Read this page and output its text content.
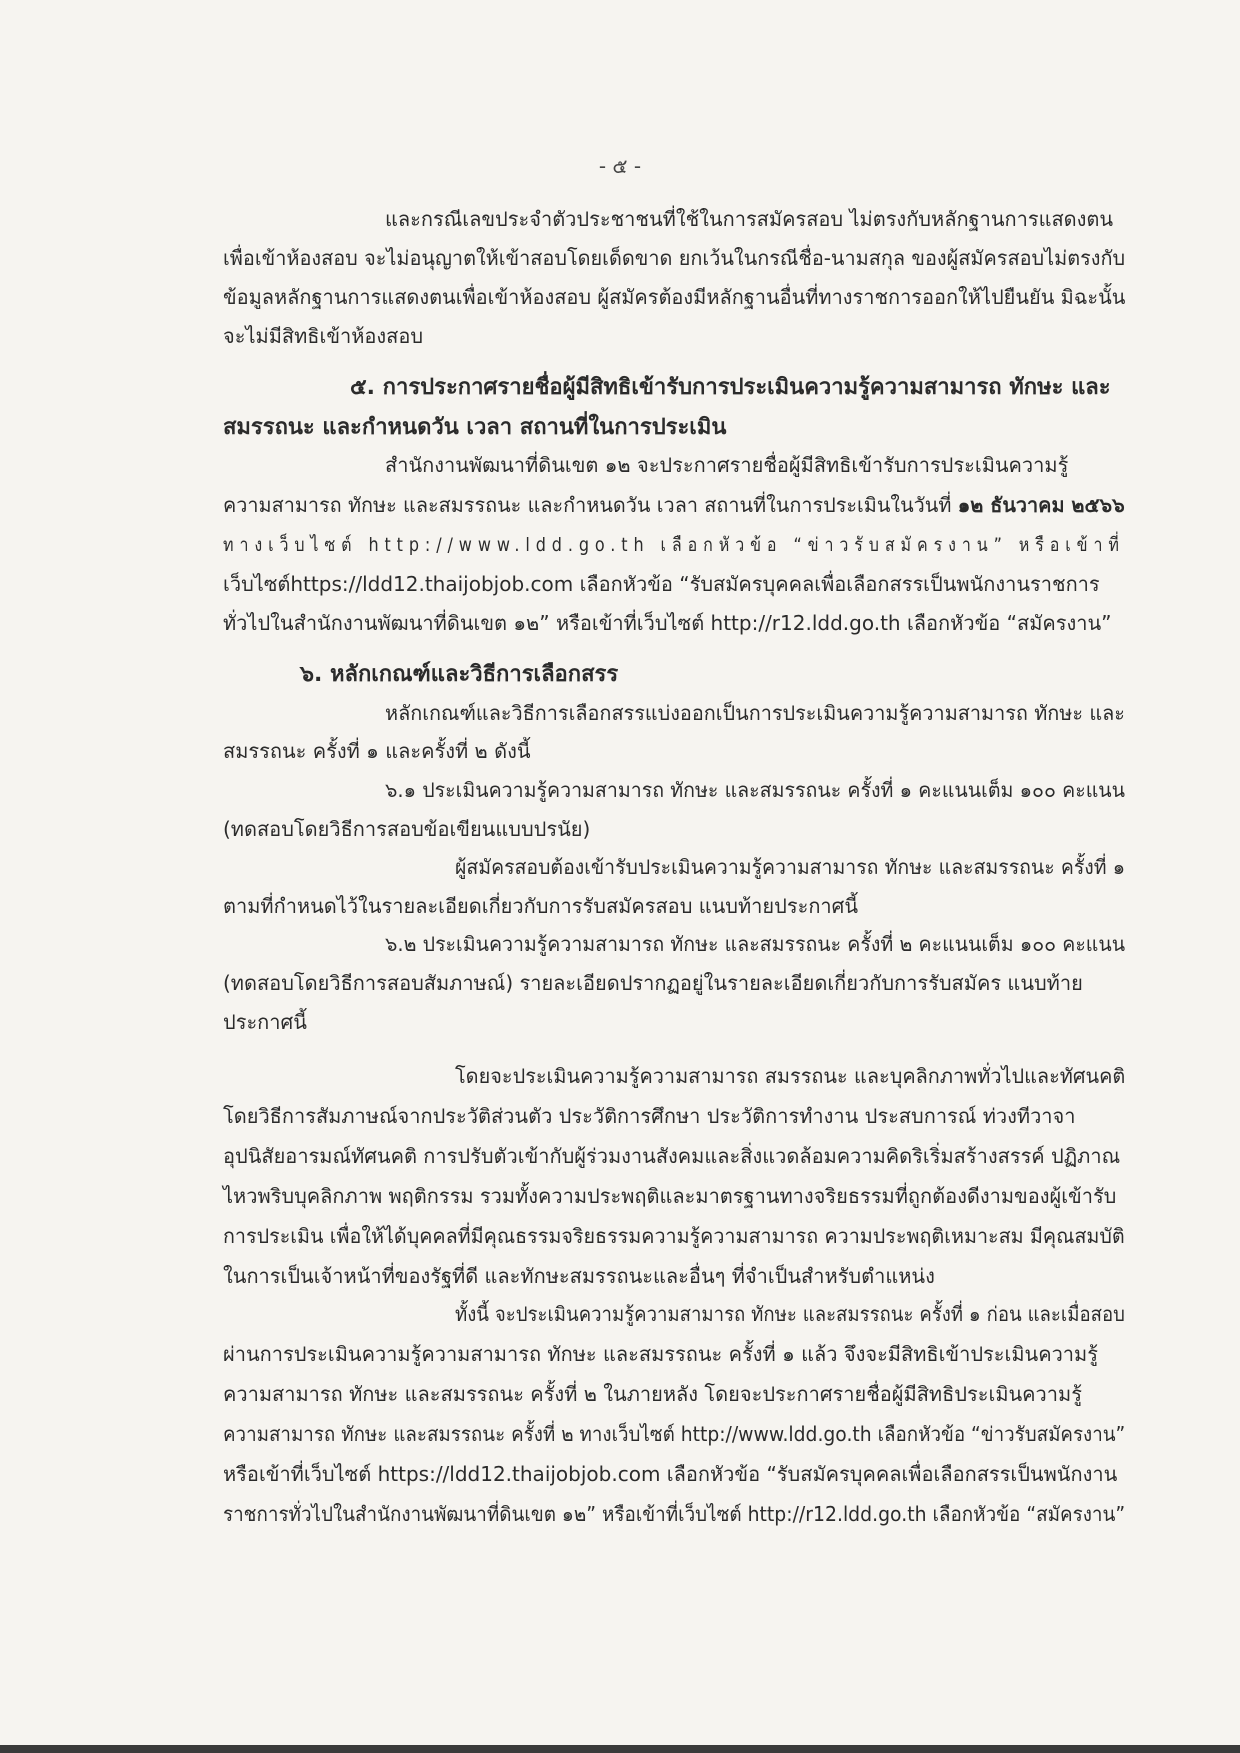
- ๕ -
และกรณีเลขประจำตัวประชาชนที่ใช้ในการสมัครสอบ ไม่ตรงกับหลักฐานการแสดงตน
เพื่อเข้าห้องสอบ จะไม่อนุญาตให้เข้าสอบโดยเด็ดขาด ยกเว้นในกรณีชื่อ-นามสกุล ของผู้สมัครสอบไม่ตรงกับ
ข้อมูลหลักฐานการแสดงตนเพื่อเข้าห้องสอบ ผู้สมัครต้องมีหลักฐานอื่นที่ทางราชการออกให้ไปยืนยัน มิฉะนั้น
จะไม่มีสิทธิเข้าห้องสอบ
๕. การประกาศรายชื่อผู้มีสิทธิเข้ารับการประเมินความรู้ความสามารถ ทักษะ และ
สมรรถนะ และกำหนดวัน เวลา สถานที่ในการประเมิน
สำนักงานพัฒนาที่ดินเขต ๑๒ จะประกาศรายชื่อผู้มีสิทธิเข้ารับการประเมินความรู้
ความสามารถ ทักษะ และสมรรถนะ และกำหนดวัน เวลา สถานที่ในการประเมินในวันที่ ๑๒ ธันวาคม ๒๕๖๖
ทางเว็บไซต์ http://www.ldd.go.th เลือกหัวข้อ “ข่าวรับสมัครงาน” หรือเข้าที่
เว็บไซต์https://ldd12.thaijobjob.com เลือกหัวข้อ “รับสมัครบุคคลเพื่อเลือกสรรเป็นพนักงานราชการ
ทั่วไปในสำนักงานพัฒนาที่ดินเขต ๑๒” หรือเข้าที่เว็บไซต์ http://r12.ldd.go.th เลือกหัวข้อ “สมัครงาน”
๖. หลักเกณฑ์และวิธีการเลือกสรร
หลักเกณฑ์และวิธีการเลือกสรรแบ่งออกเป็นการประเมินความรู้ความสามารถ ทักษะ และ
สมรรถนะ ครั้งที่ ๑ และครั้งที่ ๒ ดังนี้
๖.๑ ประเมินความรู้ความสามารถ ทักษะ และสมรรถนะ ครั้งที่ ๑ คะแนนเต็ม ๑๐๐ คะแนน
(ทดสอบโดยวิธีการสอบข้อเขียนแบบปรนัย)
ผู้สมัครสอบต้องเข้ารับประเมินความรู้ความสามารถ ทักษะ และสมรรถนะ ครั้งที่ ๑
ตามที่กำหนดไว้ในรายละเอียดเกี่ยวกับการรับสมัครสอบ แนบท้ายประกาศนี้
๖.๒ ประเมินความรู้ความสามารถ ทักษะ และสมรรถนะ ครั้งที่ ๒ คะแนนเต็ม ๑๐๐ คะแนน
(ทดสอบโดยวิธีการสอบสัมภาษณ์) รายละเอียดปรากฏอยู่ในรายละเอียดเกี่ยวกับการรับสมัคร แนบท้าย
ประกาศนี้
โดยจะประเมินความรู้ความสามารถ สมรรถนะ และบุคลิกภาพทั่วไปและทัศนคติ
โดยวิธีการสัมภาษณ์จากประวัติส่วนตัว ประวัติการศึกษา ประวัติการทำงาน ประสบการณ์ ท่วงทีวาจา
อุปนิสัยอารมณ์ทัศนคติ การปรับตัวเข้ากับผู้ร่วมงานสังคมและสิ่งแวดล้อมความคิดริเริ่มสร้างสรรค์ ปฏิภาณ
ไหวพริบบุคลิกภาพ พฤติกรรม รวมทั้งความประพฤติและมาตรฐานทางจริยธรรมที่ถูกต้องดีงามของผู้เข้ารับ
การประเมิน เพื่อให้ได้บุคคลที่มีคุณธรรมจริยธรรมความรู้ความสามารถ ความประพฤติเหมาะสม มีคุณสมบัติ
ในการเป็นเจ้าหน้าที่ของรัฐที่ดี และทักษะสมรรถนะและอื่นๆ ที่จำเป็นสำหรับตำแหน่ง
ทั้งนี้ จะประเมินความรู้ความสามารถ ทักษะ และสมรรถนะ ครั้งที่ ๑ ก่อน และเมื่อสอบ
ผ่านการประเมินความรู้ความสามารถ ทักษะ และสมรรถนะ ครั้งที่ ๑ แล้ว จึงจะมีสิทธิเข้าประเมินความรู้
ความสามารถ ทักษะ และสมรรถนะ ครั้งที่ ๒ ในภายหลัง โดยจะประกาศรายชื่อผู้มีสิทธิประเมินความรู้
ความสามารถ ทักษะ และสมรรถนะ ครั้งที่ ๒ ทางเว็บไซต์ http://www.ldd.go.th เลือกหัวข้อ “ข่าวรับสมัครงาน”
หรือเข้าที่เว็บไซต์ https://ldd12.thaijobjob.com เลือกหัวข้อ “รับสมัครบุคคลเพื่อเลือกสรรเป็นพนักงาน
ราชการทั่วไปในสำนักงานพัฒนาที่ดินเขต ๑๒” หรือเข้าที่เว็บไซต์ http://r12.ldd.go.th เลือกหัวข้อ “สมัครงาน”
